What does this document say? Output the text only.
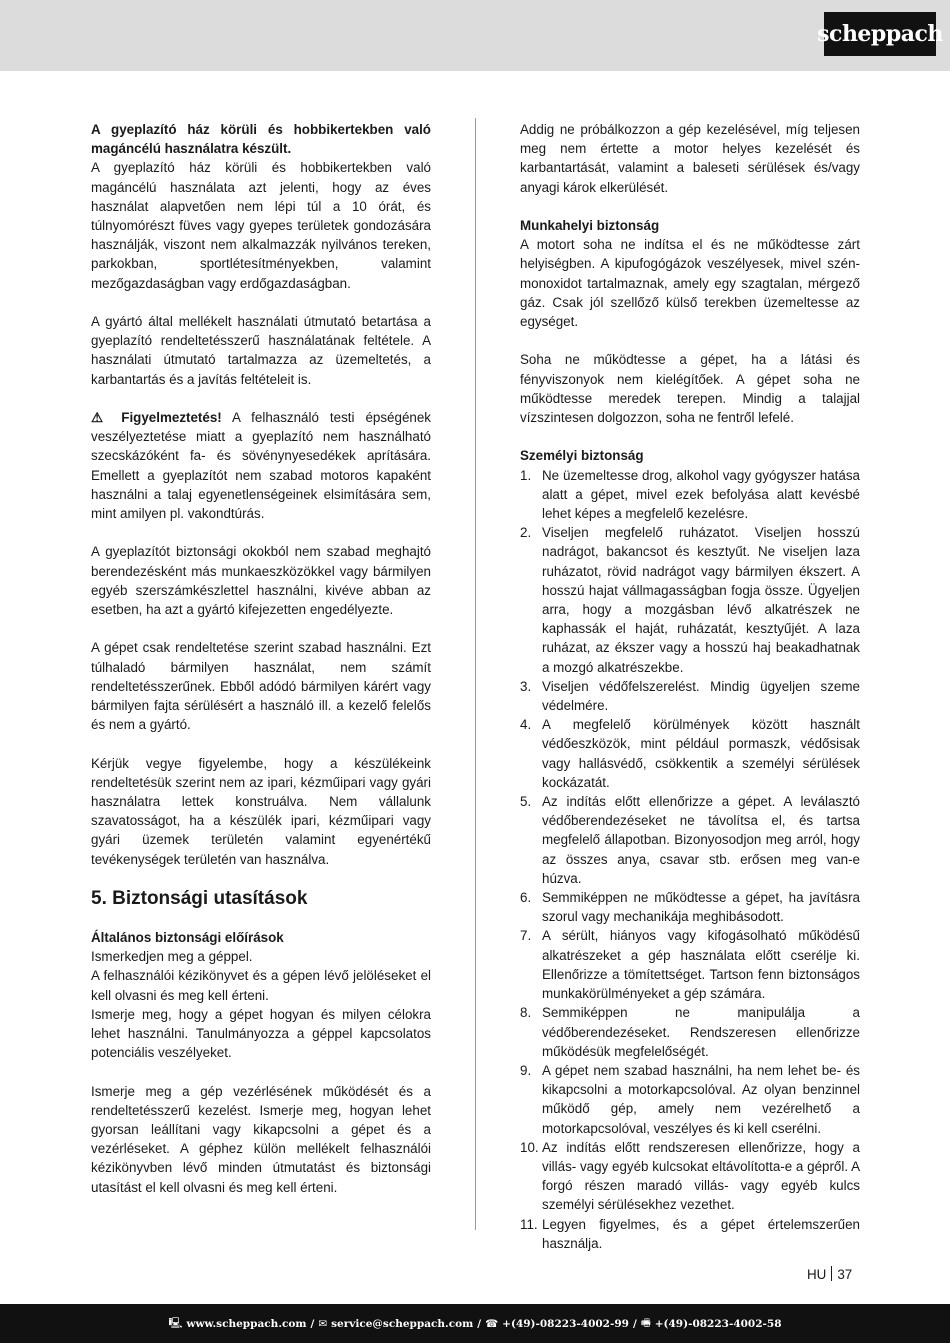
scheppach
A gyeplazító ház körüli és hobbikertekben való magáncélú használatra készült.

A gyeplazító ház körüli és hobbikertekben való magáncélú használata azt jelenti, hogy az éves használat alapvetően nem lépi túl a 10 órát, és túlnyomórészt füves vagy gyepes területek gondozására használják, viszont nem alkalmazzák nyilvános tereken, parkokban, sportlétesítményekben, valamint mezőgazdaságban vagy erdőgazdaságban.

A gyártó által mellékelt használati útmutató betartása a gyeplazító rendeltetésszerű használatának feltétele. A használati útmutató tartalmazza az üzemeltetés, a karbantartás és a javítás feltételeit is.

⚠ Figyelmeztetés! A felhasználó testi épségének veszélyeztetése miatt a gyeplazító nem használható szecskázóként fa- és sövénynyesedékek aprítására. Emellett a gyeplazítót nem szabad motoros kapaként használni a talaj egyenetlenségeinek elsimítására sem, mint amilyen pl. vakondtúrás.

A gyeplazítót biztonsági okokból nem szabad meghajtó berendezésként más munkaeszközökkel vagy bármilyen egyéb szerszámkészlettel használni, kivéve abban az esetben, ha azt a gyártó kifejezetten engedélyezte.

A gépet csak rendeltetése szerint szabad használni. Ezt túlhaladó bármilyen használat, nem számít rendeltetésszerűnek. Ebből adódó bármilyen kárért vagy bármilyen fajta sérülésért a használó ill. a kezelő felelős és nem a gyártó.

Kérjük vegye figyelembe, hogy a készülékeink rendeltetésük szerint nem az ipari, kézműipari vagy gyári használatra lettek konstruálva. Nem vállalunk szavatosságot, ha a készülék ipari, kézműipari vagy gyári üzemek területén valamint egyenértékű tevékenységek területén van használva.

5. Biztonsági utasítások
Általános biztonsági előírások

Ismerkedjen meg a géppel.

A felhasználói kézikönyvet és a gépen lévő jelöléseket el kell olvasni és meg kell érteni.

Ismerje meg, hogy a gépet hogyan és milyen célokra lehet használni. Tanulmányozza a géppel kapcsolatos potenciális veszélyeket.

Ismerje meg a gép vezérlésének működését és a rendeltetésszerű kezelést. Ismerje meg, hogyan lehet gyorsan leállítani vagy kikapcsolni a gépet és a vezérléseket. A géphez külön mellékelt felhasználói kézikönyvben lévő minden útmutatást és biztonsági utasítást el kell olvasni és meg kell érteni.

Addig ne próbálkozzon a gép kezelésével, míg teljesen meg nem értette a motor helyes kezelését és karbantartását, valamint a baleseti sérülések és/vagy anyagi károk elkerülését.

Munkahelyi biztonság

A motort soha ne indítsa el és ne működtesse zárt helyiségben. A kipufogógázok veszélyesek, mivel szén-monoxidot tartalmaznak, amely egy szagtalan, mérgező gáz. Csak jól szellőző külső terekben üzemeltesse az egységet.

Soha ne működtesse a gépet, ha a látási és fényviszonyok nem kielégítőek. A gépet soha ne működtesse meredek terepen. Mindig a talajjal vízszintesen dolgozzon, soha ne fentről lefelé.

Személyi biztonság
1. Ne üzemeltesse drog, alkohol vagy gyógyszer hatása alatt a gépet, mivel ezek befolyása alatt kevésbé lehet képes a megfelelő kezelésre.
2. Viseljen megfelelő ruházatot. Viseljen hosszú nadrágot, bakancsot és kesztyűt. Ne viseljen laza ruházatot, rövid nadrágot vagy bármilyen ékszert. A hosszú hajat vállmagasságban fogja össze. Ügyeljen arra, hogy a mozgásban lévő alkatrészek ne kaphassák el haját, ruházatát, kesztyűjét. A laza ruházat, az ékszer vagy a hosszú haj beakadhatnak a mozgó alkatrészekbe.
3. Viseljen védőfelszerelést. Mindig ügyeljen szeme védelmére.
4. A megfelelő körülmények között használt védőeszközök, mint például pormaszk, védősisak vagy hallásvédő, csökkentik a személyi sérülések kockázatát.
5. Az indítás előtt ellenőrizze a gépet. A leválasztó védőberendezéseket ne távolítsa el, és tartsa megfelelő állapotban. Bizonyosodjon meg arról, hogy az összes anya, csavar stb. erősen meg van-e húzva.
6. Semmiképpen ne működtesse a gépet, ha javításra szorul vagy mechanikája meghibásodott.
7. A sérült, hiányos vagy kifogásolható működésű alkatrészeket a gép használata előtt cserélje ki. Ellenőrizze a tömítettséget. Tartson fenn biztonságos munkakörülményeket a gép számára.
8. Semmiképpen ne manipulálja a védőberendezéseket. Rendszeresen ellenőrizze működésük megfelelőségét.
9. A gépet nem szabad használni, ha nem lehet be- és kikapcsolni a motorkapcsolóval. Az olyan benzinnel működő gép, amely nem vezérelhető a motorkapcsolóval, veszélyes és ki kell cserélni.
10. Az indítás előtt rendszeresen ellenőrizze, hogy a villás- vagy egyéb kulcsokat eltávolította-e a gépről. A forgó részen maradó villás- vagy egyéb kulcs személyi sérülésekhez vezethet.
11. Legyen figyelmes, és a gépet értelemszerűen használja.
HU 37
🖳 www.scheppach.com / ✉ service@scheppach.com / ☎ +(49)-08223-4002-99 / 🖷 +(49)-08223-4002-58
